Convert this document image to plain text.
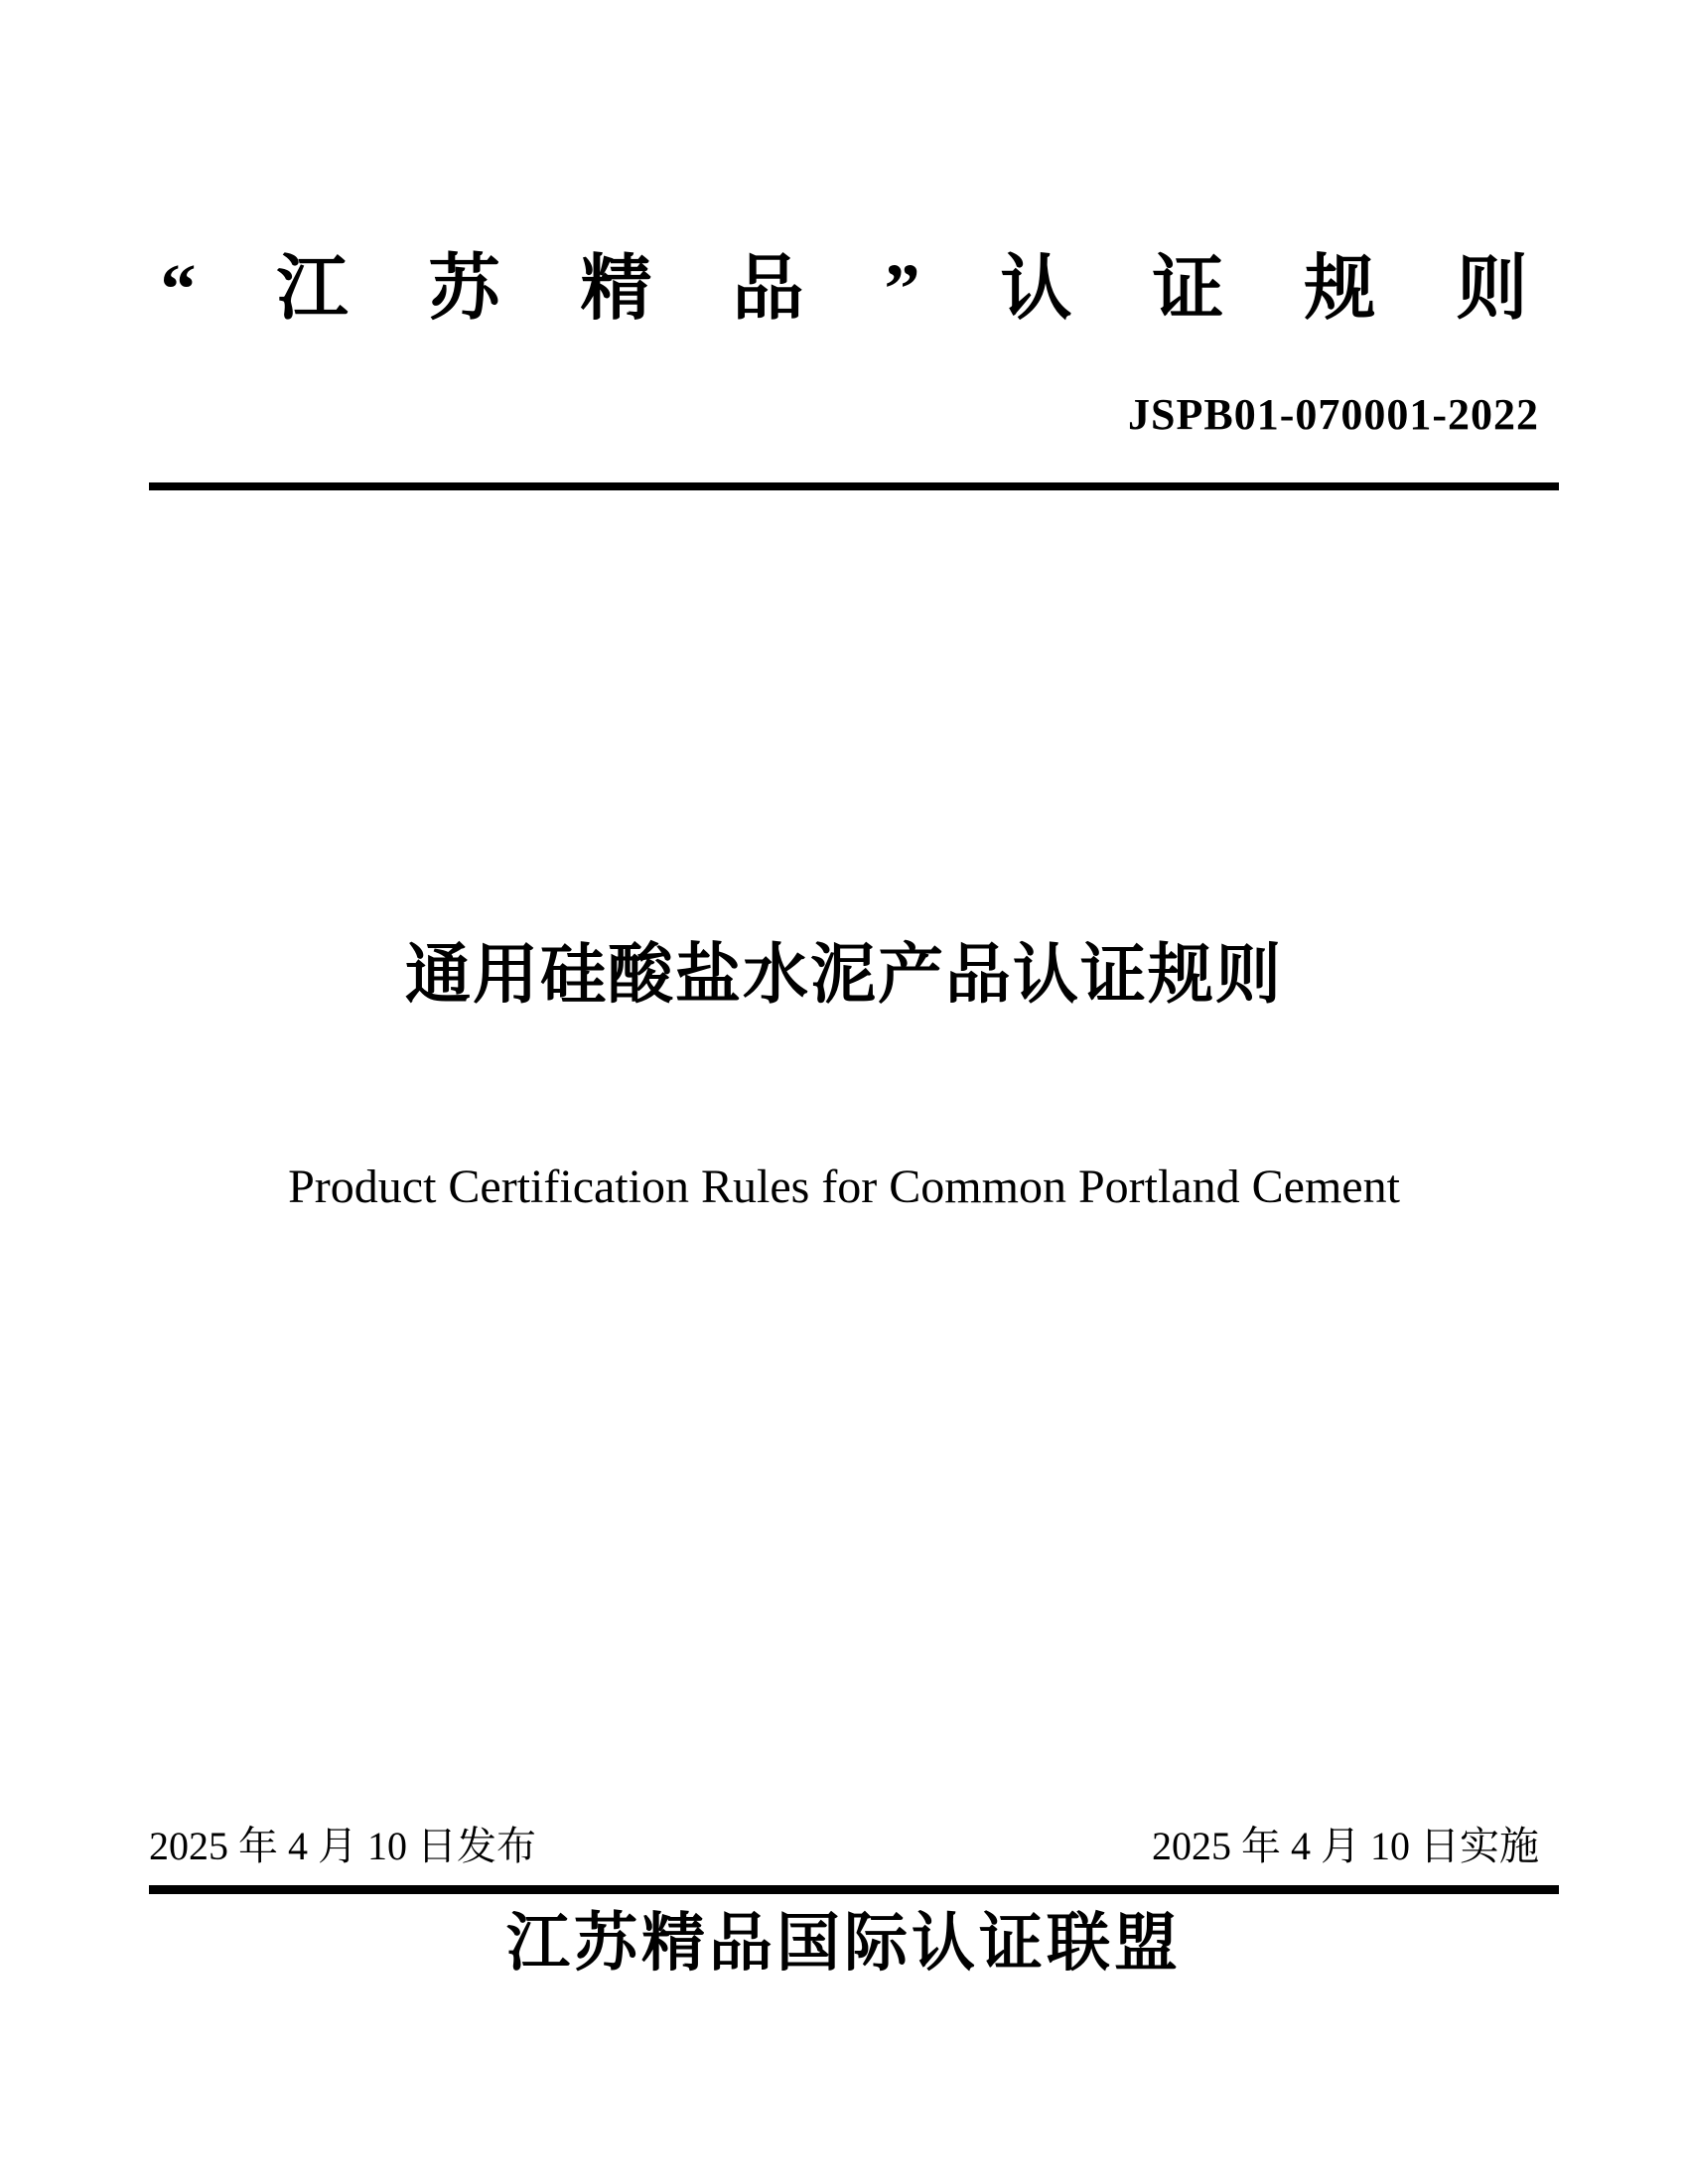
“江苏精品”认证规则
JSPB01-070001-2022
通用硅酸盐水泥产品认证规则
Product Certification Rules for Common Portland Cement
2025 年 4 月 10 日发布	2025 年 4 月 10 日实施
江苏精品国际认证联盟
